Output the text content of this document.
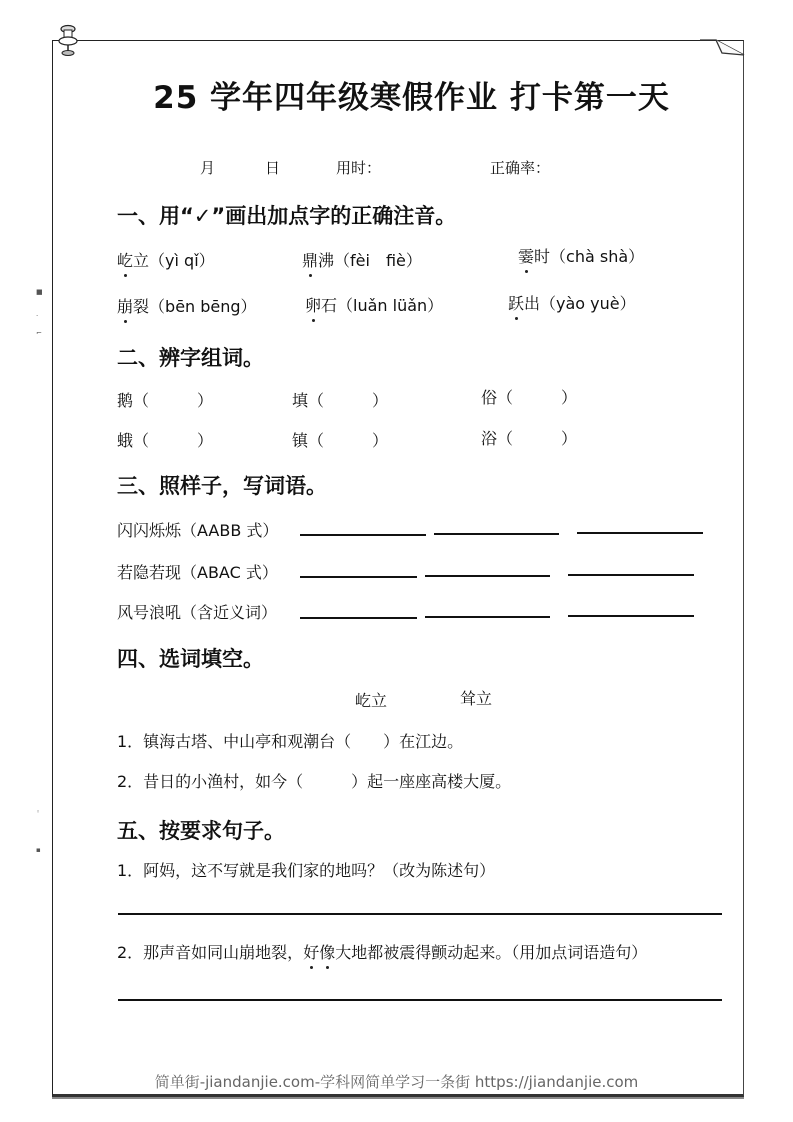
■
·
⌐
◦
▪
25 学年四年级寒假作业 打卡第一天
月	日	用时：	正确率：
一、用“✓”画出加点字的正确注音。
屹立（yì qǐ）	鼎沸（fèi　fiè）	霎时（chà shà）
崩裂（bēn bēng）	卵石（luǎn lüǎn）	跃出（yào yuè）
二、辨字组词。
鹅（　　　）	填（　　　）	俗（　　　）
蛾（　　　）	镇（　　　）	浴（　　　）
三、照样子，写词语。
闪闪烁烁（AABB 式）
若隐若现（ABAC 式）
风号浪吼（含近义词）
四、选词填空。
屹立	耸立
1．镇海古塔、中山亭和观潮台（　　）在江边。
2．昔日的小渔村，如今（　　　）起一座座高楼大厦。
五、按要求句子。
1．阿妈，这不写就是我们家的地吗？（改为陈述句）
2．那声音如同山崩地裂，好像大地都被震得颤动起来。（用加点词语造句）
简单街-jiandanjie.com-学科网简单学习一条街 https://jiandanjie.com
